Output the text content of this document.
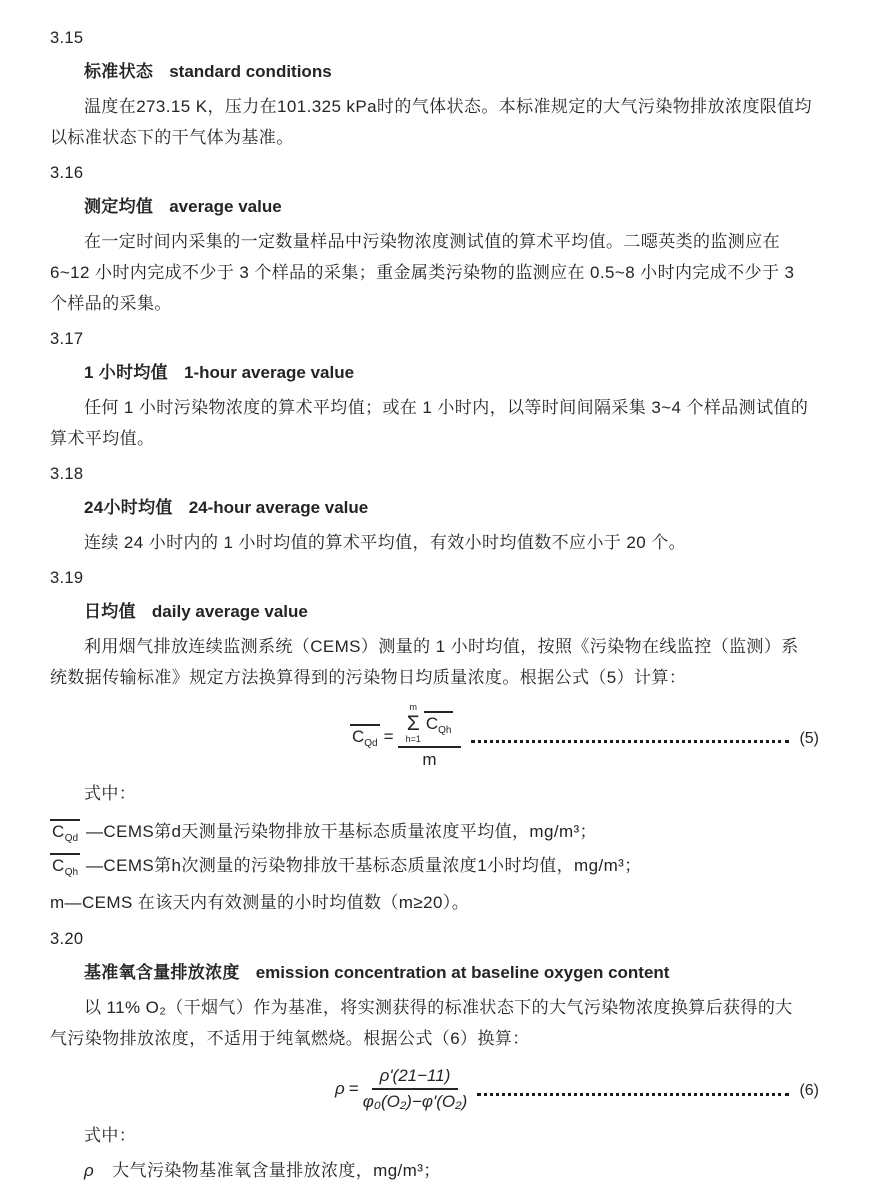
3.15
标准状态 standard conditions
温度在273.15 K，压力在101.325 kPa时的气体状态。本标准规定的大气污染物排放浓度限值均
以标准状态下的干气体为基准。
3.16
测定均值 average value
在一定时间内采集的一定数量样品中污染物浓度测试值的算术平均值。二噁英类的监测应在
6~12 小时内完成不少于 3 个样品的采集；重金属类污染物的监测应在 0.5~8 小时内完成不少于 3
个样品的采集。
3.17
1 小时均值 1-hour average value
任何 1 小时污染物浓度的算术平均值；或在 1 小时内，以等时间间隔采集 3~4 个样品测试值的
算术平均值。
3.18
24小时均值 24-hour average value
连续 24 小时内的 1 小时均值的算术平均值，有效小时均值数不应小于 20 个。
3.19
日均值 daily average value
利用烟气排放连续监测系统（CEMS）测量的 1 小时均值，按照《污染物在线监控（监测）系
统数据传输标准》规定方法换算得到的污染物日均质量浓度。根据公式（5）计算：
$C_{Qd} = m$
Σ
h=1
$C_{Qh}$
m	(5)
式中：
$C_{Qd}$ —CEMS第d天测量污染物排放干基标态质量浓度平均值，mg/m³；
$C_{Qh}$ —CEMS第h次测量的污染物排放干基标态质量浓度1小时均值，mg/m³；
m—CEMS 在该天内有效测量的小时均值数（m≥20）。
3.20
基准氧含量排放浓度 emission concentration at baseline oxygen content
以 11% O₂（干烟气）作为基准，将实测获得的标准状态下的大气污染物浓度换算后获得的大
气污染物排放浓度，不适用于纯氧燃烧。根据公式（6）换算：
$\rho = \frac{\rho'(21-11)}{\text{φ₀(O₂)−φ'(O₂)}}$	(6)
式中：
ρ 大气污染物基准氧含量排放浓度，mg/m³；
